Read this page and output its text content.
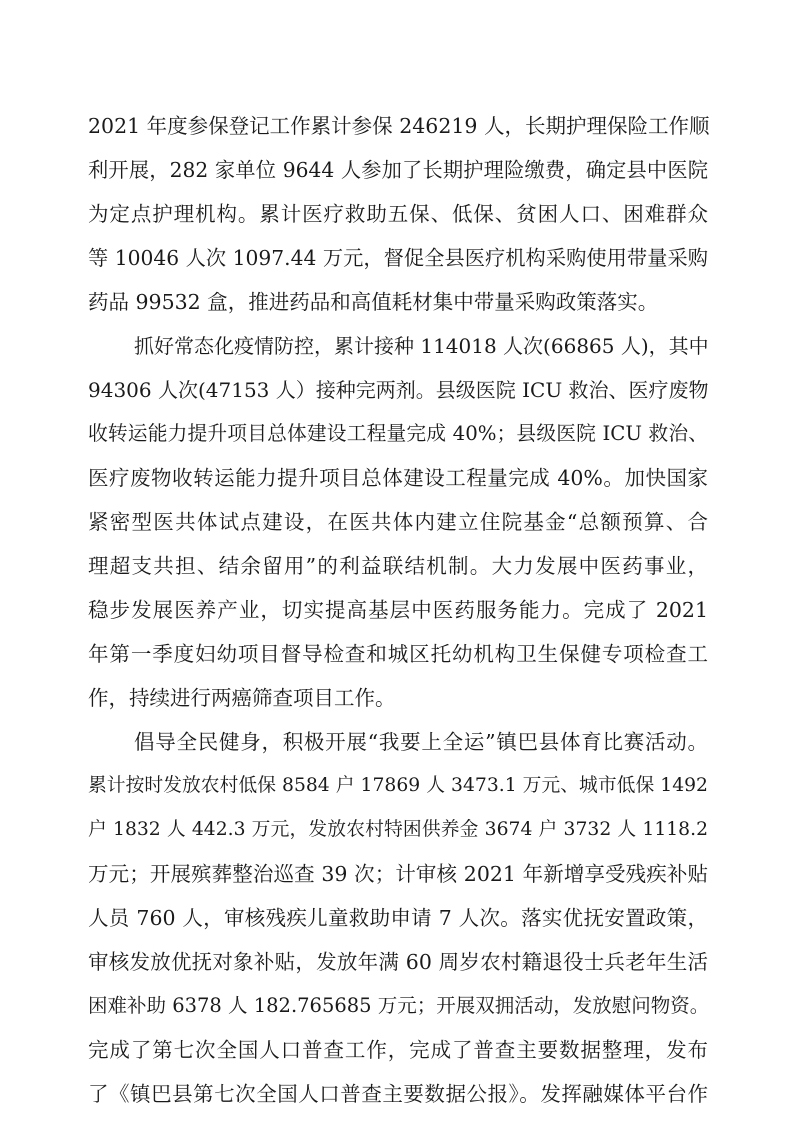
2021 年度参保登记工作累计参保 246219 人，长期护理保险工作顺
利开展，282 家单位 9644 人参加了长期护理险缴费，确定县中医院
为定点护理机构。累计医疗救助五保、低保、贫困人口、困难群众
等 10046 人次 1097.44 万元，督促全县医疗机构采购使用带量采购
药品 99532 盒，推进药品和高值耗材集中带量采购政策落实。
抓好常态化疫情防控，累计接种 114018 人次(66865 人)，其中
94306 人次(47153 人）接种完两剂。县级医院 ICU 救治、医疗废物
收转运能力提升项目总体建设工程量完成 40%；县级医院 ICU 救治、
医疗废物收转运能力提升项目总体建设工程量完成 40%。加快国家
紧密型医共体试点建设，在医共体内建立住院基金“总额预算、合
理超支共担、结余留用”的利益联结机制。大力发展中医药事业，
稳步发展医养产业，切实提高基层中医药服务能力。完成了 2021
年第一季度妇幼项目督导检查和城区托幼机构卫生保健专项检查工
作，持续进行两癌筛查项目工作。
倡导全民健身，积极开展“我要上全运”镇巴县体育比赛活动。
累计按时发放农村低保 8584 户 17869 人 3473.1 万元、城市低保 1492
户 1832 人 442.3 万元，发放农村特困供养金 3674 户 3732 人 1118.2
万元；开展殡葬整治巡查 39 次；计审核 2021 年新增享受残疾补贴
人员 760 人，审核残疾儿童救助申请 7 人次。落实优抚安置政策，
审核发放优抚对象补贴，发放年满 60 周岁农村籍退役士兵老年生活
困难补助 6378 人 182.765685 万元；开展双拥活动，发放慰问物资。
完成了第七次全国人口普查工作，完成了普查主要数据整理，发布
了《镇巴县第七次全国人口普查主要数据公报》。发挥融媒体平台作
